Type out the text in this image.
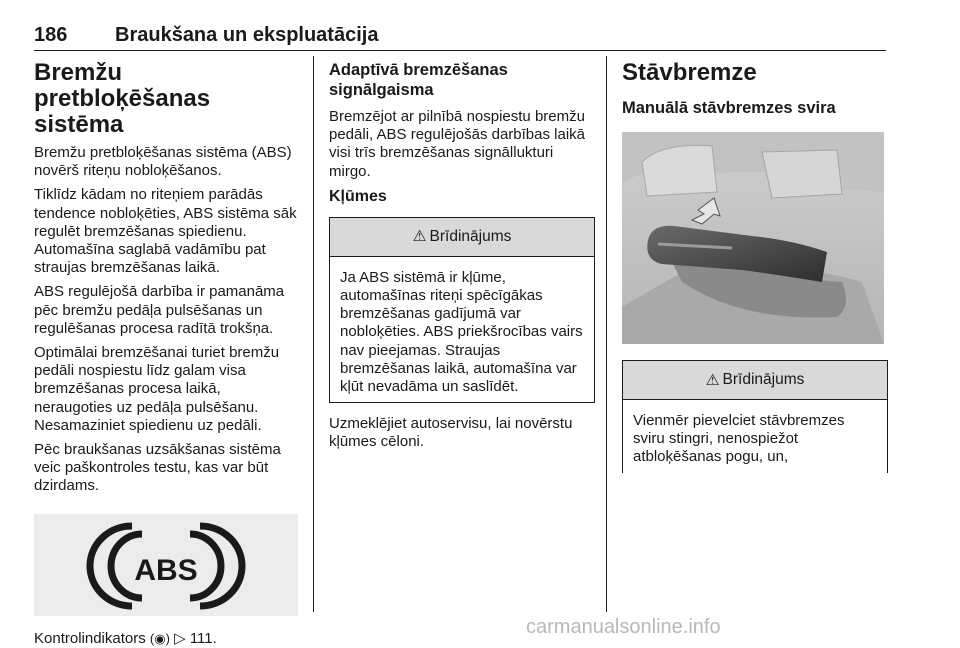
186 Braukšana un ekspluatācija
Bremžu pretbloķēšanas sistēma

Bremžu pretbloķēšanas sistēma (ABS) novērš riteņu nobloķēšanos.

Tiklīdz kādam no riteņiem parādās tendence nobloķēties, ABS sistēma sāk regulēt bremzēšanas spiedienu. Automašīna saglabā vadāmību pat straujas bremzēšanas laikā.

ABS regulējošā darbība ir pamanāma pēc bremžu pedāļa pulsēšanas un regulēšanas procesa radītā trokšņa.

Optimālai bremzēšanai turiet bremžu pedāli nospiestu līdz galam visa bremzēšanas procesa laikā, neraugoties uz pedāļa pulsēšanu. Nesamaziniet spiedienu uz pedāli.

Pēc braukšanas uzsākšanas sistēma veic paškontroles testu, kas var būt dzirdams.

ABS
Kontrolindikators (◉) ▷ 111.
Adaptīvā bremzēšanas signālgaisma

Bremzējot ar pilnībā nospiestu bremžu pedāli, ABS regulējošās darbības laikā visi trīs bremzēšanas signāllukturi mirgo.

Kļūmes
⚠ Brīdinājums

Ja ABS sistēmā ir kļūme, automašīnas riteņi spēcīgākas bremzēšanas gadījumā var nobloķēties. ABS priekšrocības vairs nav pieejamas. Straujas bremzēšanas laikā, automašīna var kļūt nevadāma un saslīdēt.

Uzmeklējiet autoservisu, lai novērstu kļūmes cēloni.

Stāvbremze
Manuālā stāvbremzes svira
⚠ Brīdinājums

Vienmēr pievelciet stāvbremzes sviru stingri, nenospiežot atbloķēšanas pogu, un,

carmanualsonline.info
